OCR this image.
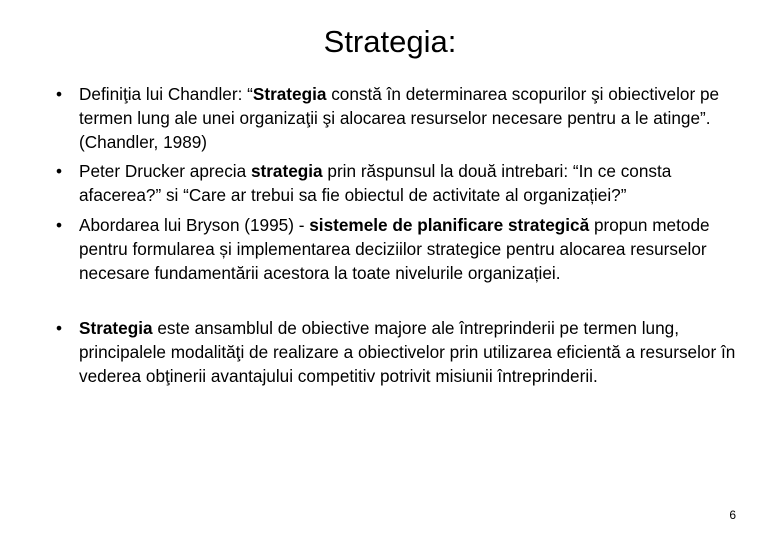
Strategia:
• Definiţia lui Chandler: “Strategia constă în determinarea scopurilor şi obiectivelor pe termen lung ale unei organizaţii şi alocarea resurselor necesare pentru a le atinge”. (Chandler, 1989)
• Peter Drucker aprecia strategia prin răspunsul la două intrebari: “In ce consta afacerea?” si “Care ar trebui sa fie obiectul de activitate al organizației?”
• Abordarea lui Bryson (1995) - sistemele de planificare strategică propun metode pentru formularea și implementarea deciziilor strategice pentru alocarea resurselor necesare fundamentării acestora la toate nivelurile organizației.
• Strategia este ansamblul de obiective majore ale întreprinderii pe termen lung, principalele modalităţi de realizare a obiectivelor prin utilizarea eficientă a resurselor în vederea obţinerii avantajului competitiv potrivit misiunii întreprinderii.
6
